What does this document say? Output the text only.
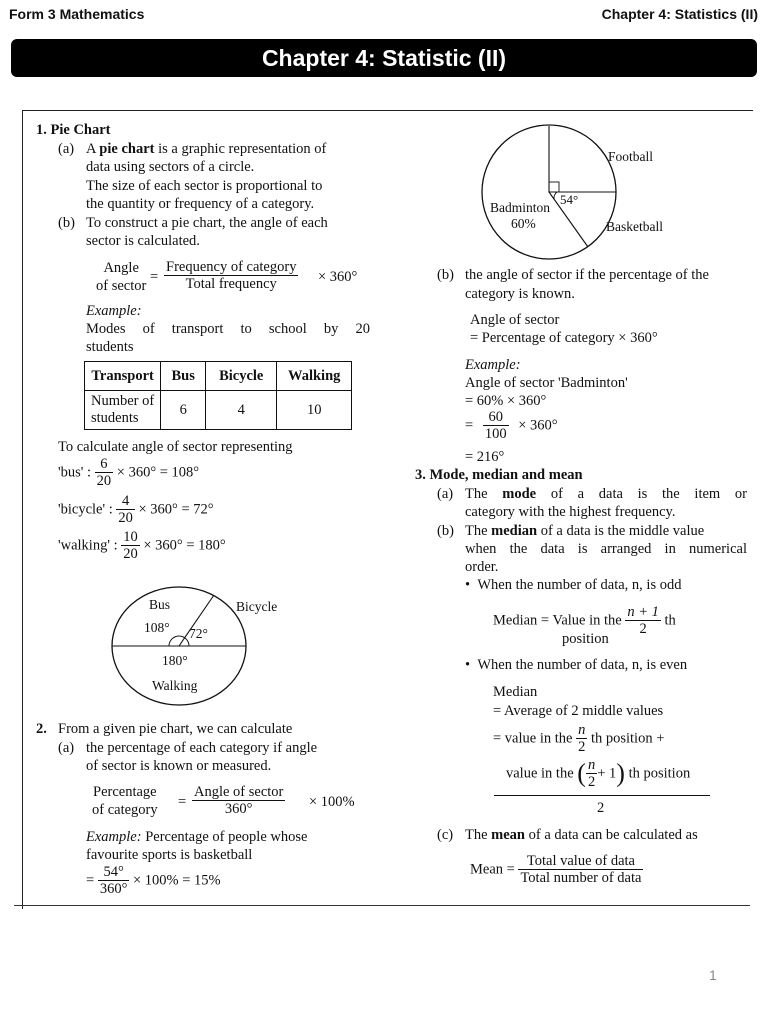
Form 3 Mathematics	Chapter 4: Statistics (II)
Chapter 4: Statistic (II)
1. Pie Chart
(a) A pie chart is a graphic representation of
data using sectors of a circle.
The size of each sector is proportional to
the quantity or frequency of a category.
(b) To construct a pie chart, the angle of each
sector is calculated.
Angle
of sector
= $\frac{\text{Frequency of category}}{\text{Total frequency}} \times 360^\circ$
Example:
Modes of transport to school by 20
students
Transport	Bus	Bicycle	Walking

Number of
students	6	4	10
To calculate angle of sector representing
'bus' : $\frac{6}{20} \times 360^\circ = 108^\circ$
'bicycle' : $\frac{4}{20} \times 360^\circ = 72^\circ$
'walking' : $\frac{10}{20} \times 360^\circ = 180^\circ$
Bus	Bicycle
108° 72°
180°
Walking
2. From a given pie chart, we can calculate
(a) the percentage of each category if angle
of sector is known or measured.
Percentage
of category = $\frac{\text{Angle of sector}}{360^\circ} \times 100\%$
Example: Percentage of people whose
favourite sports is basketball
= $\frac{54^\circ}{360^\circ} \times 100\% = 15\%$
Football
54°
Badminton
60%	Basketball
(b) the angle of sector if the percentage of the
category is known.
Angle of sector
= Percentage of category × 360°
Example:
Angle of sector 'Badminton'
= 60% × 360°
= $\frac{60}{100} \times 360^\circ$
= 216°
3. Mode, median and mean
(a) The mode of a data is the item or
category with the highest frequency.
(b) The median of a data is the middle value
when the data is arranged in numerical
order.
•  When the number of data, n, is odd
Median = Value in the $\frac{n + 1}{2}$ th
position
•  When the number of data, n, is even
Median
= Average of 2 middle values
= value in the $\frac{n}{2}$ th position +
value in the ( $\frac{n}{2} + 1$) th position
2
(c) The mean of a data can be calculated as
Mean = $\frac{\text{Total value of data}}{\text{Total number of data}}$
1
